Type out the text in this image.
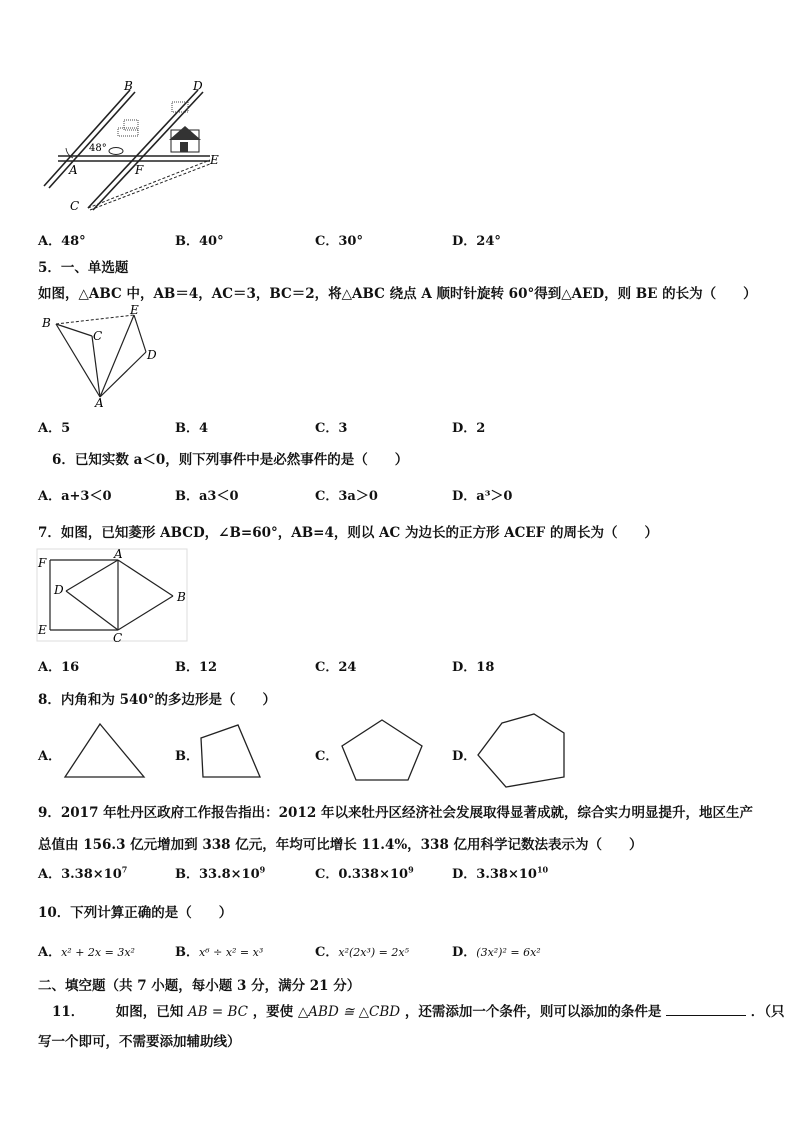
48°
B	D
A	F
E
C
A．48°	B．40°	C．30°	D．24°
5．一、单选题
如图，△ABC 中，AB＝4，AC＝3，BC＝2，将△ABC 绕点 A 顺时针旋转 60°得到△AED，则 BE 的长为（　　）
B
C
E
D
A
A．5	B．4	C．3	D．2
6．已知实数 a＜0，则下列事件中是必然事件的是（　　）
A．a+3＜0	B．a3＜0	C．3a＞0	D．a³＞0
7．如图，已知菱形 ABCD，∠B=60°，AB=4，则以 AC 为边长的正方形 ACEF 的周长为（　　）
F
A
D	B
E
C
A．16	B．12	C．24	D．18
8．内角和为 540°的多边形是（　　）
A．	B．	C．	D．
9．2017 年牡丹区政府工作报告指出：2012 年以来牡丹区经济社会发展取得显著成就，综合实力明显提升，地区生产
总值由 156.3 亿元增加到 338 亿元，年均可比增长 11.4%，338 亿用科学记数法表示为（　　）
A．$3.38\times 10^7$	B．$33.8\times 10^9$	C．$0.338\times 10^9$	D．$3.38\times 10^{10}$
10．下列计算正确的是（　　）
A．x² + 2x = 3x²	B．x⁶ ÷ x² = x³	C．x²(2x³) = 2x⁵	D．(3x²)² = 6x²
二、填空题（共 7 小题，每小题 3 分，满分 21 分）
11． 如图，已知 AB = BC ，要使 △ABD ≅ △CBD ，还需添加一个条件，则可以添加的条件是	．（只
写一个即可，不需要添加辅助线）
